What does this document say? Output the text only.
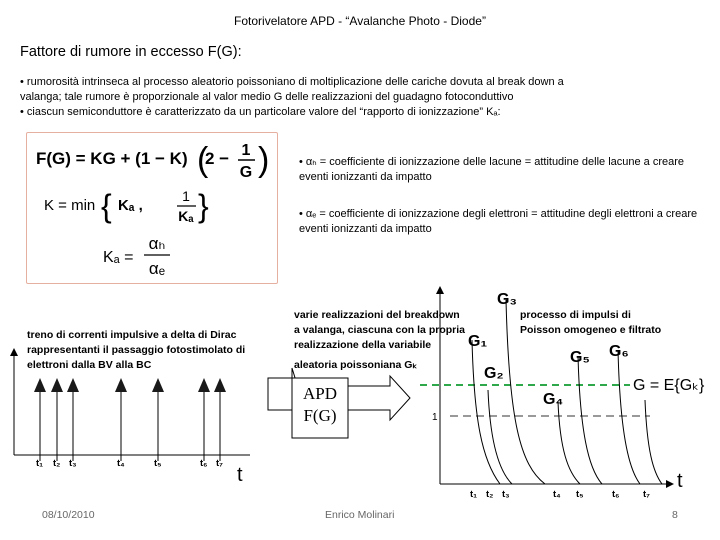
Fotorivelatore APD - “Avalanche Photo - Diode”
Fattore di rumore in eccesso F(G):
• rumorosità intrinseca al processo aleatorio poissoniano di moltiplicazione delle cariche dovuta al break down a
valanga; tale rumore è proporzionale al valor medio G delle realizzazioni del guadagno fotoconduttivo
• ciascun semiconduttore è caratterizzato da un particolare valore del “rapporto di ionizzazione” Kₐ:
• αₕ = coefficiente di ionizzazione delle lacune = attitudine delle lacune a creare eventi ionizzanti da impatto
• αₑ = coefficiente di ionizzazione degli elettroni = attitudine degli elettroni a creare eventi ionizzanti da impatto
F(G) = KG + (1 − K) (
2 − 1
G )
K = min { Kₐ ,
1
Kₐ }
Kₐ =
αₕ
αₑ
treno di correnti impulsive a delta di Dirac
rappresentanti il passaggio fotostimolato di
elettroni dalla BV alla BC
t₁ t₂ t₃	t₄	t₅	t₆ t₇
t
APD
F(G)
varie realizzazioni del breakdown
a valanga, ciascuna con la propria
realizzazione della variabile
aleatoria poissoniana Gₖ
1
processo di impulsi di
Poisson omogeneo e filtrato
G₁
G₂
G₃
G₄
G₅ G₆
G = E{Gₖ}
t₁ t₂ t₃	t₄ t₅	t₆ t₇
t
08/10/2010	Enrico Molinari	8
